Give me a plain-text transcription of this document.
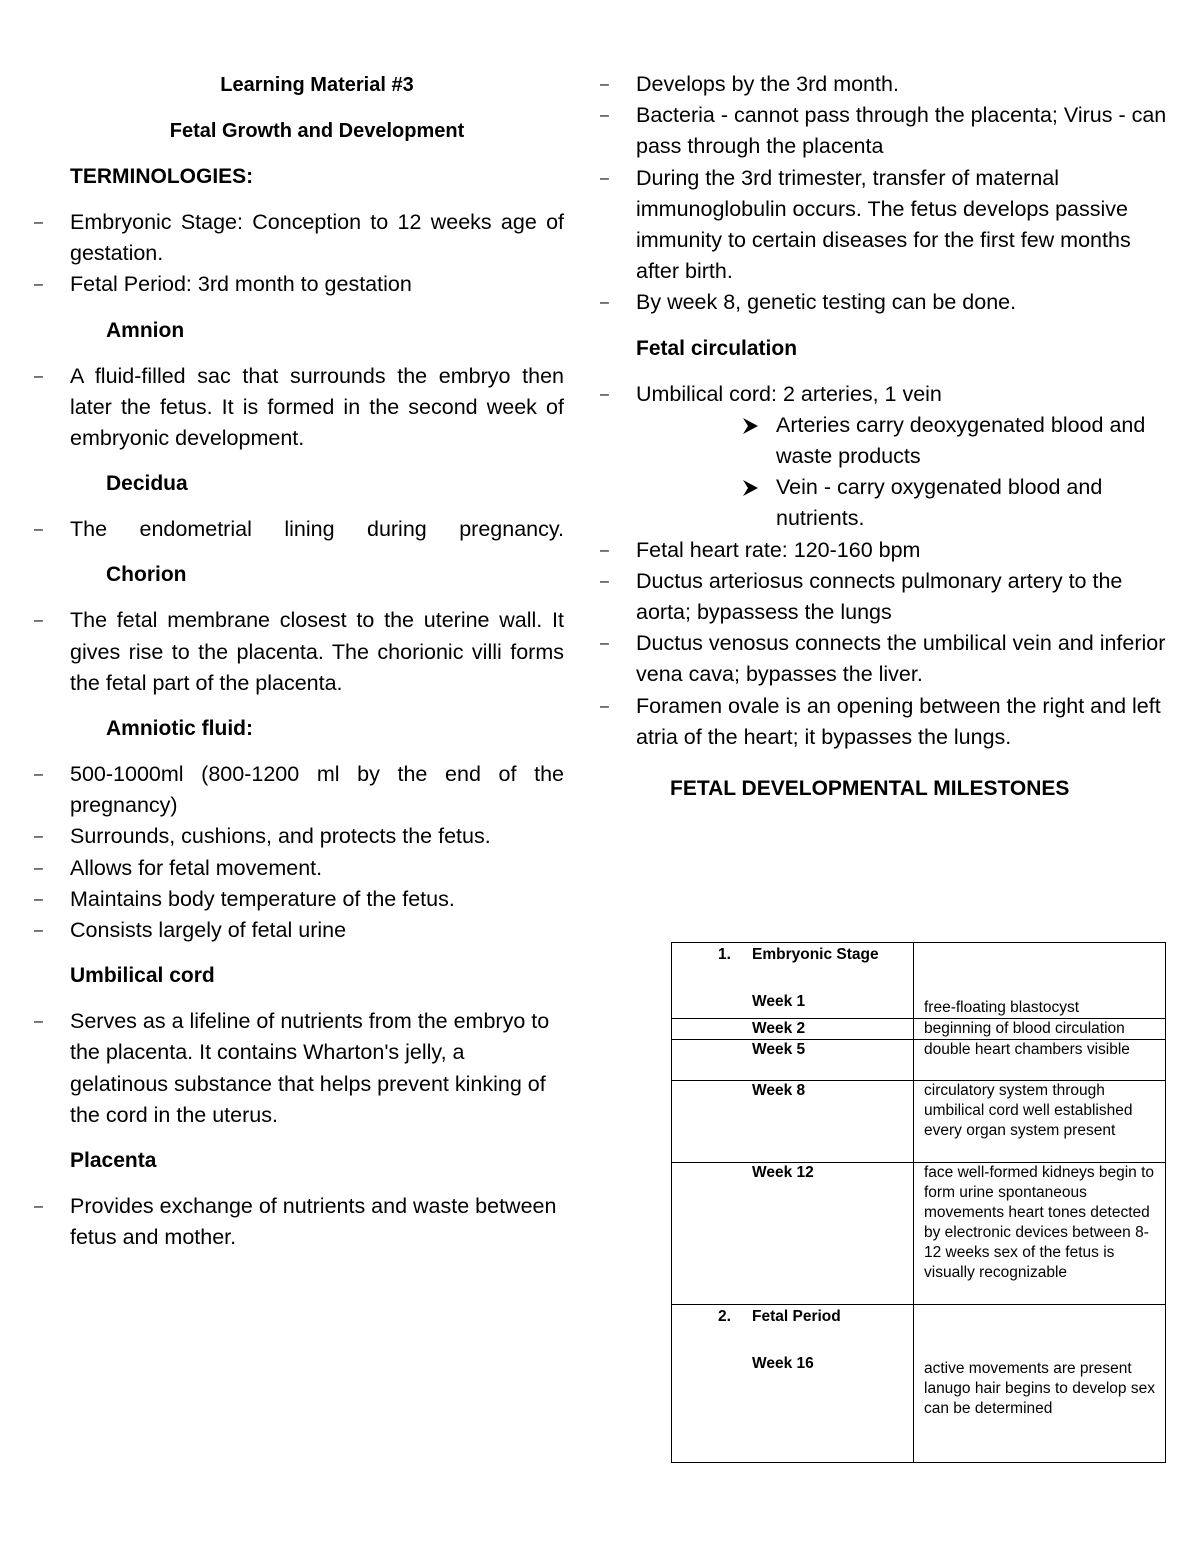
Learning Material #3

Fetal Growth and Development

TERMINOLOGIES:

– Embryonic Stage: Conception to 12 weeks age of gestation.
– Fetal Period: 3rd month to gestation

Amnion

– A fluid-filled sac that surrounds the embryo then later the fetus. It is formed in the second week of embryonic development.

Decidua

– The endometrial lining during pregnancy.

Chorion

– The fetal membrane closest to the uterine wall. It gives rise to the placenta. The chorionic villi forms the fetal part of the placenta.

Amniotic fluid:

– 500-1000ml (800-1200 ml by the end of the pregnancy)
– Surrounds, cushions, and protects the fetus.
– Allows for fetal movement.
– Maintains body temperature of the fetus.
– Consists largely of fetal urine

Umbilical cord

– Serves as a lifeline of nutrients from the embryo to the placenta. It contains Wharton's jelly, a gelatinous substance that helps prevent kinking of the cord in the uterus.

Placenta

– Provides exchange of nutrients and waste between fetus and mother.
– Develops by the 3rd month.
– Bacteria - cannot pass through the placenta; Virus - can pass through the placenta
– During the 3rd trimester, transfer of maternal immunoglobulin occurs. The fetus develops passive immunity to certain diseases for the first few months after birth.
– By week 8, genetic testing can be done.

Fetal circulation

– Umbilical cord: 2 arteries, 1 vein
Arteries carry deoxygenated blood and waste products
Vein - carry oxygenated blood and nutrients.
– Fetal heart rate: 120-160 bpm
– Ductus arteriosus connects pulmonary artery to the aorta; bypassess the lungs
– Ductus venosus connects the umbilical vein and inferior vena cava; bypasses the liver.
– Foramen ovale is an opening between the right and left atria of the heart; it bypasses the lungs.

FETAL DEVELOPMENTAL MILESTONES

1. Embryonic Stage
Week 1	free-floating blastocyst

Week 2	beginning of blood circulation

Week 5	double heart chambers visible

Week 8	circulatory system through umbilical cord well established every organ system present

Week 12	face well-formed kidneys begin to form urine spontaneous movements heart tones detected by electronic devices between 8-12 weeks sex of the fetus is visually recognizable

2. Fetal Period
Week 16	active movements are present lanugo hair begins to develop sex can be determined
